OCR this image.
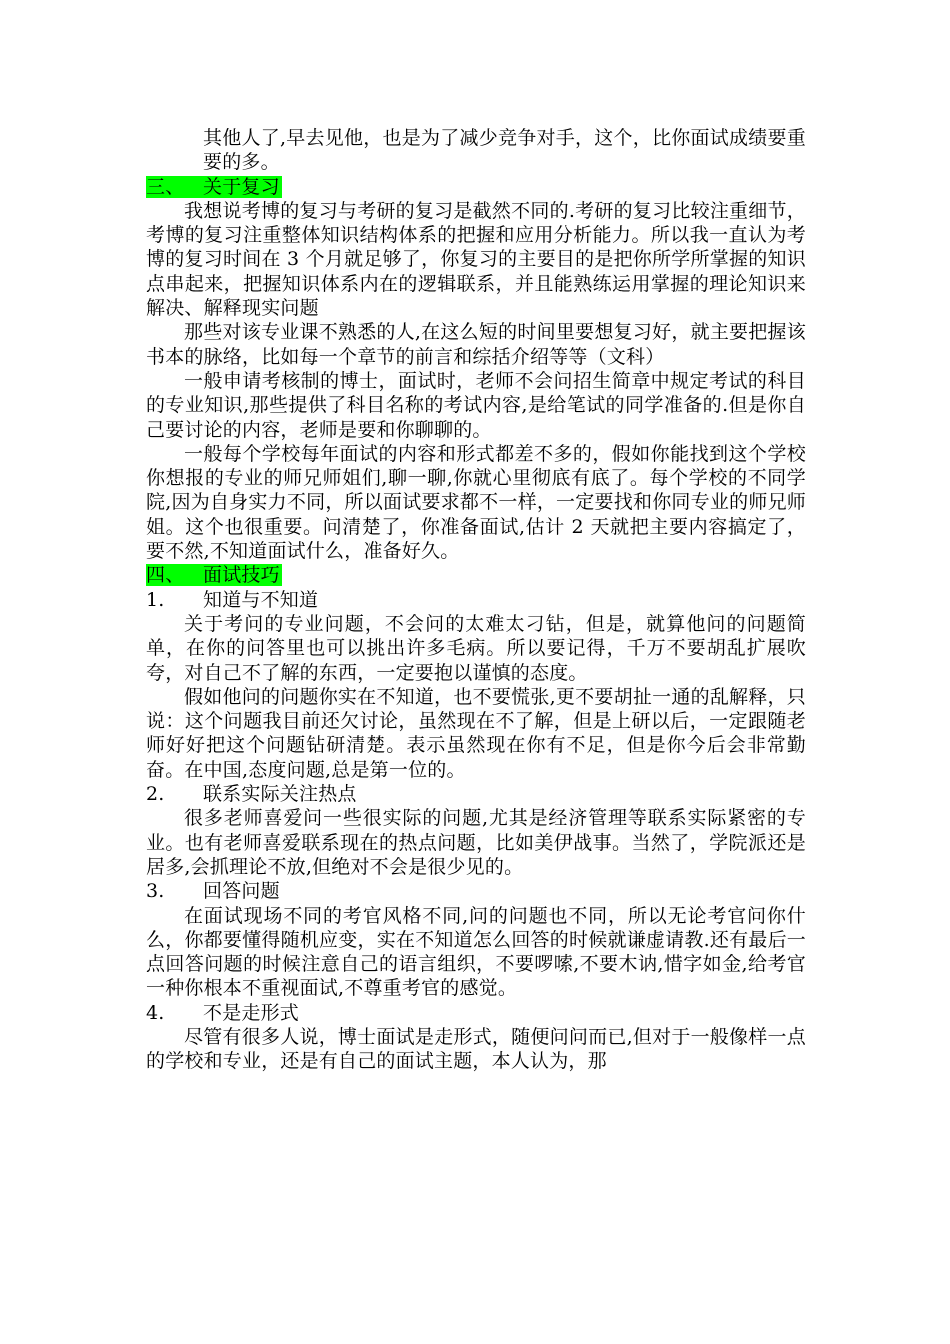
其他人了,早去见他，也是为了减少竞争对手，这个，比你面试成绩要重要的多。

三、 关于复习

我想说考博的复习与考研的复习是截然不同的.考研的复习比较注重细节，考博的复习注重整体知识结构体系的把握和应用分析能力。所以我一直认为考 博的复习时间在 3 个月就足够了，你复习的主要目的是把你所学所掌握的知识点串起来，把握知识体系内在的逻辑联系，并且能熟练运用掌握的理论知识来解决、解释现实问题

那些对该专业课不熟悉的人,在这么短的时间里要想复习好，就主要把握该书本的脉络，比如每一个章节的前言和综括介绍等等（文科）

一般申请考核制的博士，面试时，老师不会问招生简章中规定考试的科目的专业知识,那些提供了科目名称的考试内容,是给笔试的同学准备的.但是你自己要讨论的内容，老师是要和你聊聊的。

一般每个学校每年面试的内容和形式都差不多的，假如你能找到这个学校你想报的专业的师兄师姐们,聊一聊,你就心里彻底有底了。每个学校的不同学院,因为自身实力不同，所以面试要求都不一样，一定要找和你同专业的师兄师姐。这个也很重要。问清楚了，你准备面试,估计 2 天就把主要内容搞定了，要不然,不知道面试什么，准备好久。

四、 面试技巧

1. 知道与不知道

关于考问的专业问题，不会问的太难太刁钻，但是，就算他问的问题简单，在你的问答里也可以挑出许多毛病。所以要记得，千万不要胡乱扩展吹夸，对自己不了解的东西，一定要抱以谨慎的态度。

假如他问的问题你实在不知道，也不要慌张,更不要胡扯一通的乱解释，只说：这个问题我目前还欠讨论，虽然现在不了解，但是上研以后，一定跟随老师好好把这个问题钻研清楚。表示虽然现在你有不足，但是你今后会非常勤奋。在中国,态度问题,总是第一位的。

2. 联系实际关注热点

很多老师喜爱问一些很实际的问题,尤其是经济管理等联系实际紧密的专业。也有老师喜爱联系现在的热点问题，比如美伊战事。当然了，学院派还是居多,会抓理论不放,但绝对不会是很少见的。

3. 回答问题

在面试现场不同的考官风格不同,问的问题也不同，所以无论考官问你什么，你都要懂得随机应变，实在不知道怎么回答的时候就谦虚请教.还有最后一点回答问题的时候注意自己的语言组织，不要啰嗦,不要木讷,惜字如金,给考官一种你根本不重视面试,不尊重考官的感觉。

4. 不是走形式

尽管有很多人说，博士面试是走形式，随便问问而已,但对于一般像样一点的学校和专业，还是有自己的面试主题，本人认为，那
